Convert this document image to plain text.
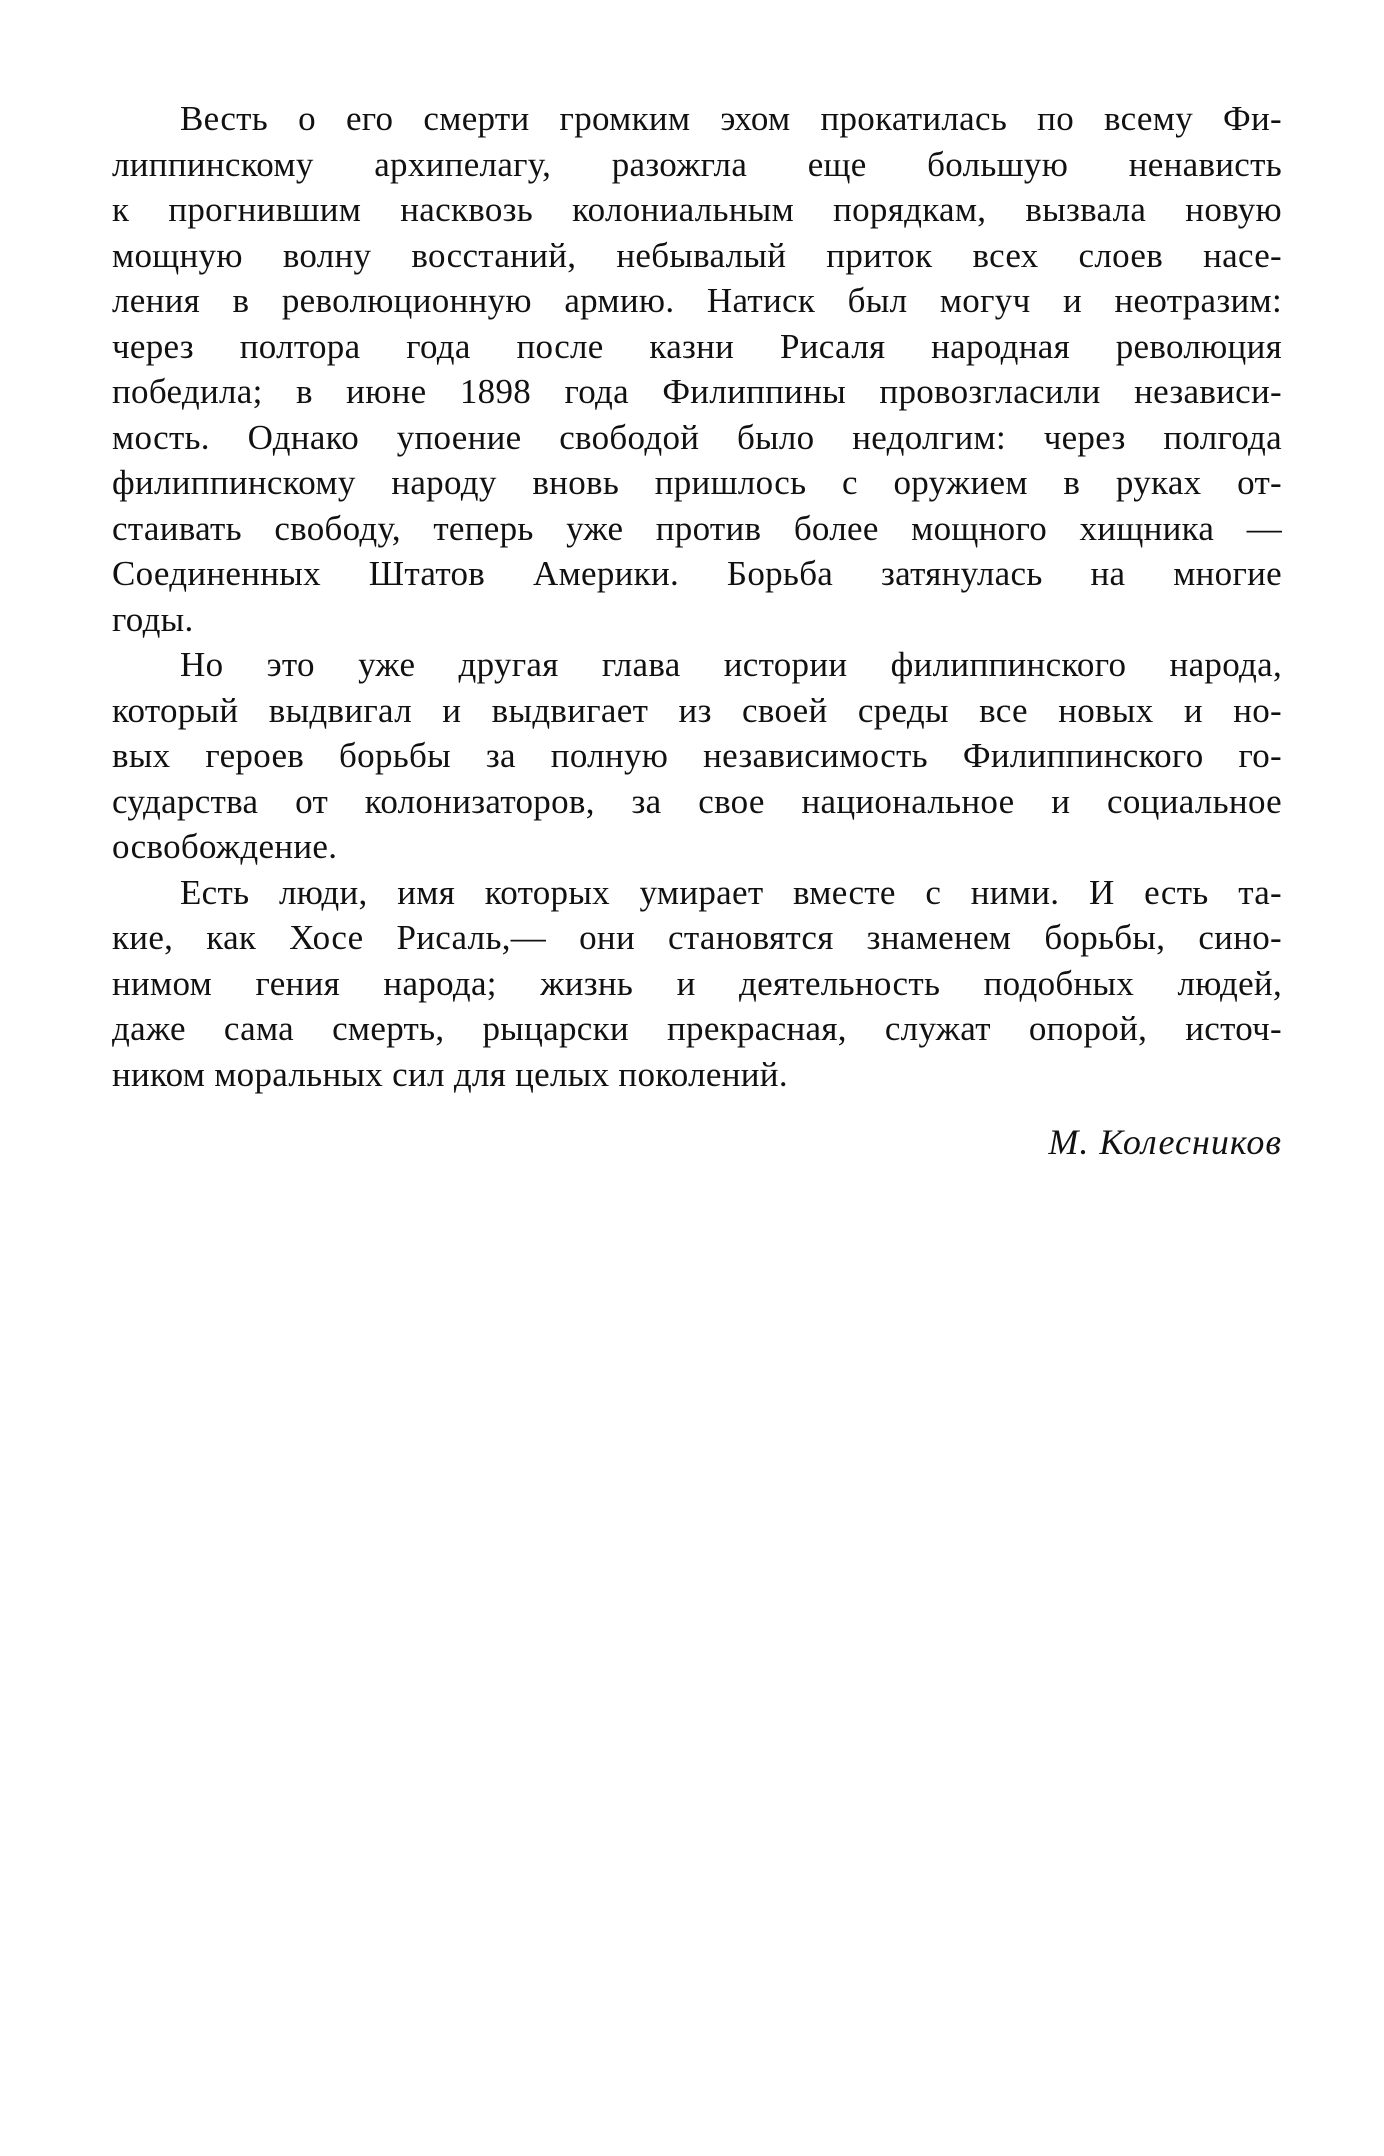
Весть о его смерти громким эхом прокатилась по всему Фи-
липпинскому архипелагу, разожгла еще большую ненависть
к прогнившим насквозь колониальным порядкам, вызвала новую
мощную волну восстаний, небывалый приток всех слоев насе-
ления в революционную армию. Натиск был могуч и неотразим:
через полтора года после казни Рисаля народная революция
победила; в июне 1898 года Филиппины провозгласили независи-
мость. Однако упоение свободой было недолгим: через полгода
филиппинскому народу вновь пришлось с оружием в руках от-
стаивать свободу, теперь уже против более мощного хищника —
Соединенных Штатов Америки. Борьба затянулась на многие
годы.
Но это уже другая глава истории филиппинского народа,
который выдвигал и выдвигает из своей среды все новых и но-
вых героев борьбы за полную независимость Филиппинского го-
сударства от колонизаторов, за свое национальное и социальное
освобождение.
Есть люди, имя которых умирает вместе с ними. И есть та-
кие, как Хосе Рисаль,— они становятся знаменем борьбы, сино-
нимом гения народа; жизнь и деятельность подобных людей,
даже сама смерть, рыцарски прекрасная, служат опорой, источ-
ником моральных сил для целых поколений.
М. Колесников
